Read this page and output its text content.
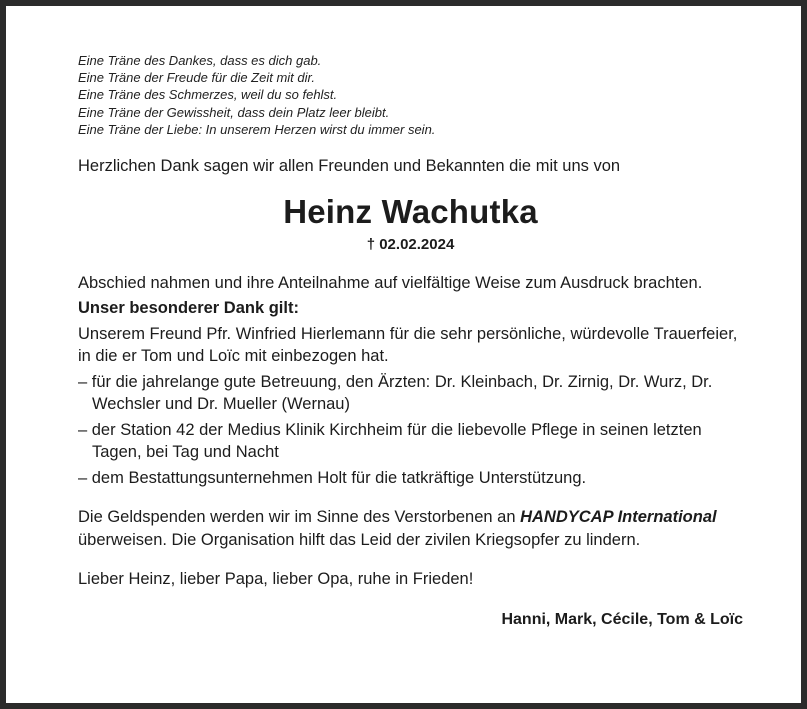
Eine Träne des Dankes, dass es dich gab.
Eine Träne der Freude für die Zeit mit dir.
Eine Träne des Schmerzes, weil du so fehlst.
Eine Träne der Gewissheit, dass dein Platz leer bleibt.
Eine Träne der Liebe: In unserem Herzen wirst du immer sein.
Herzlichen Dank sagen wir allen Freunden und Bekannten die mit uns von
Heinz Wachutka
† 02.02.2024
Abschied nahmen und ihre Anteilnahme auf vielfältige Weise zum Ausdruck brachten.
Unser besonderer Dank gilt:
Unserem Freund Pfr. Winfried Hierlemann für die sehr persönliche, würdevolle Trauerfeier, in die er Tom und Loïc mit einbezogen hat.
– für die jahrelange gute Betreuung, den Ärzten: Dr. Kleinbach, Dr. Zirnig, Dr. Wurz, Dr. Wechsler und Dr. Mueller (Wernau)
– der Station 42 der Medius Klinik Kirchheim für die liebevolle Pflege in seinen letzten Tagen, bei Tag und Nacht
– dem Bestattungsunternehmen Holt für die tatkräftige Unterstützung.
Die Geldspenden werden wir im Sinne des Verstorbenen an HANDYCAP International überweisen. Die Organisation hilft das Leid der zivilen Kriegsopfer zu lindern.
Lieber Heinz, lieber Papa, lieber Opa, ruhe in Frieden!
Hanni, Mark, Cécile, Tom & Loïc
